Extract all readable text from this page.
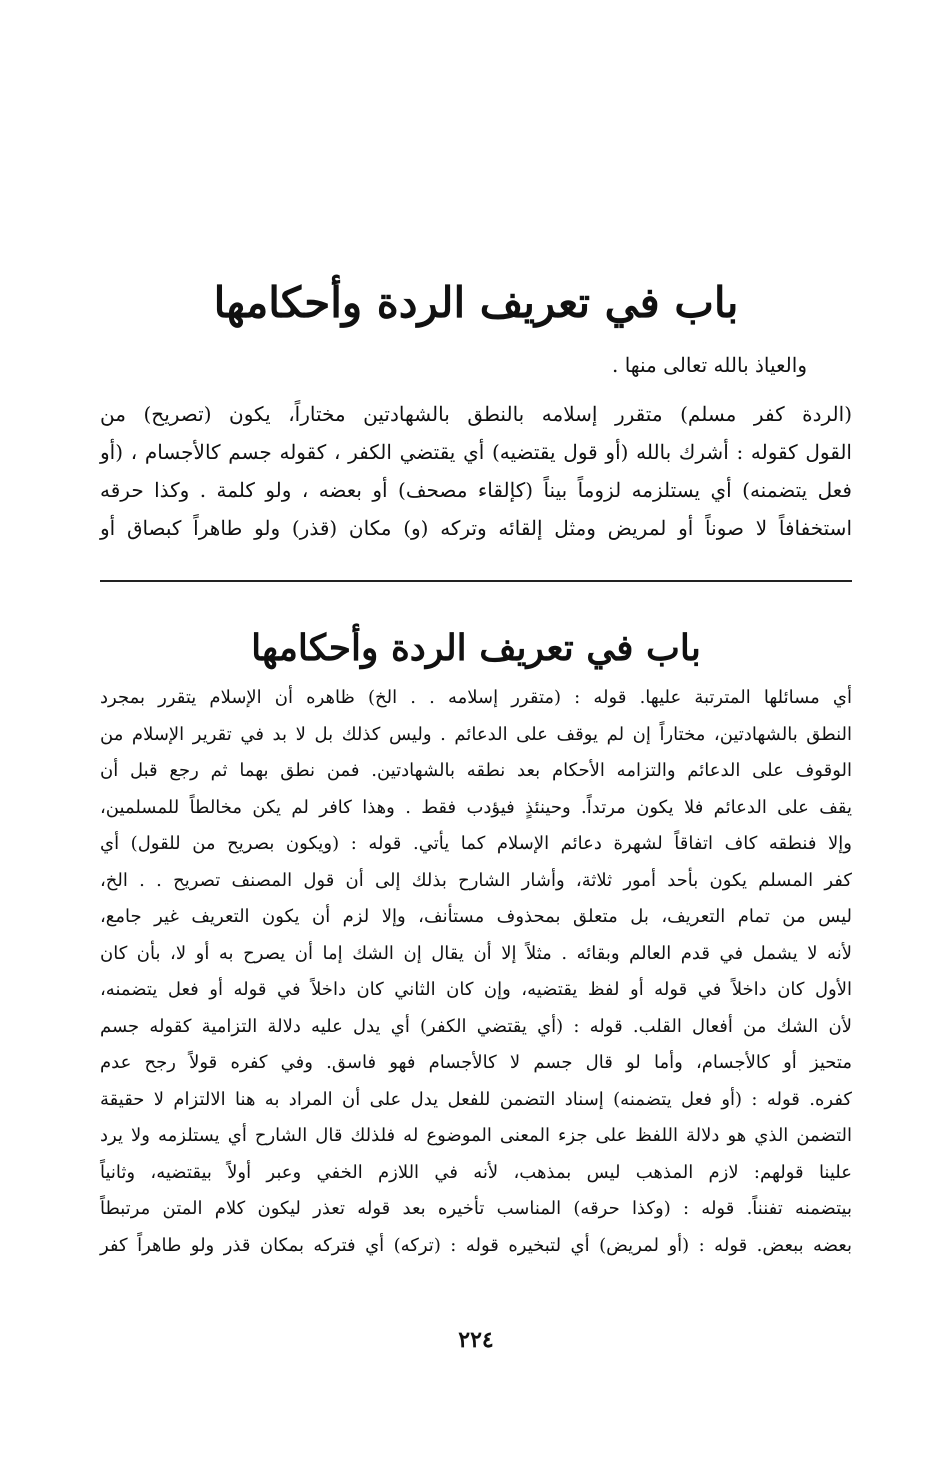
باب في تعريف الردة وأحكامها
والعياذ بالله تعالى منها .
(الردة كفر مسلم) متقرر إسلامه بالنطق بالشهادتين مختاراً، يكون (تصريح) من
القول كقوله : أشرك بالله (أو قول يقتضيه) أي يقتضي الكفر ، كقوله جسم كالأجسام ، (أو
فعل يتضمنه) أي يستلزمه لزوماً بيناً (كإلقاء مصحف) أو بعضه ، ولو كلمة . وكذا حرقه
استخفافاً لا صوناً أو لمريض ومثل إلقائه وتركه (و) مكان (قذر) ولو طاهراً كبصاق أو
باب في تعريف الردة وأحكامها
أي مسائلها المترتبة عليها. قوله : (متقرر إسلامه . . الخ) ظاهره أن الإسلام يتقرر بمجرد
النطق بالشهادتين، مختاراً إن لم يوقف على الدعائم . وليس كذلك بل لا بد في تقرير الإسلام من
الوقوف على الدعائم والتزامه الأحكام بعد نطقه بالشهادتين. فمن نطق بهما ثم رجع قبل أن
يقف على الدعائم فلا يكون مرتداً. وحينئذٍ فيؤدب فقط . وهذا كافر لم يكن مخالطاً للمسلمين،
وإلا فنطقه كاف اتفاقاً لشهرة دعائم الإسلام كما يأتي. قوله : (ويكون بصريح من للقول) أي
كفر المسلم يكون بأحد أمور ثلاثة، وأشار الشارح بذلك إلى أن قول المصنف تصريح . . الخ،
ليس من تمام التعريف، بل متعلق بمحذوف مستأنف، وإلا لزم أن يكون التعريف غير جامع،
لأنه لا يشمل في قدم العالم وبقائه . مثلاً إلا أن يقال إن الشك إما أن يصرح به أو لا، بأن كان
الأول كان داخلاً في قوله أو لفظ يقتضيه، وإن كان الثاني كان داخلاً في قوله أو فعل يتضمنه،
لأن الشك من أفعال القلب. قوله : (أي يقتضي الكفر) أي يدل عليه دلالة التزامية كقوله جسم
متحيز أو كالأجسام، وأما لو قال جسم لا كالأجسام فهو فاسق. وفي كفره قولاً رجح عدم
كفره. قوله : (أو فعل يتضمنه) إسناد التضمن للفعل يدل على أن المراد به هنا الالتزام لا حقيقة
التضمن الذي هو دلالة اللفظ على جزء المعنى الموضوع له فلذلك قال الشارح أي يستلزمه ولا يرد
علينا قولهم: لازم المذهب ليس بمذهب، لأنه في اللازم الخفي وعبر أولاً بيقتضيه، وثانياً
بيتضمنه تفنناً. قوله : (وكذا حرقه) المناسب تأخيره بعد قوله تعذر ليكون كلام المتن مرتبطاً
بعضه ببعض. قوله : (أو لمريض) أي لتبخيره قوله : (تركه) أي فتركه بمكان قذر ولو طاهراً كفر
٢٢٤
